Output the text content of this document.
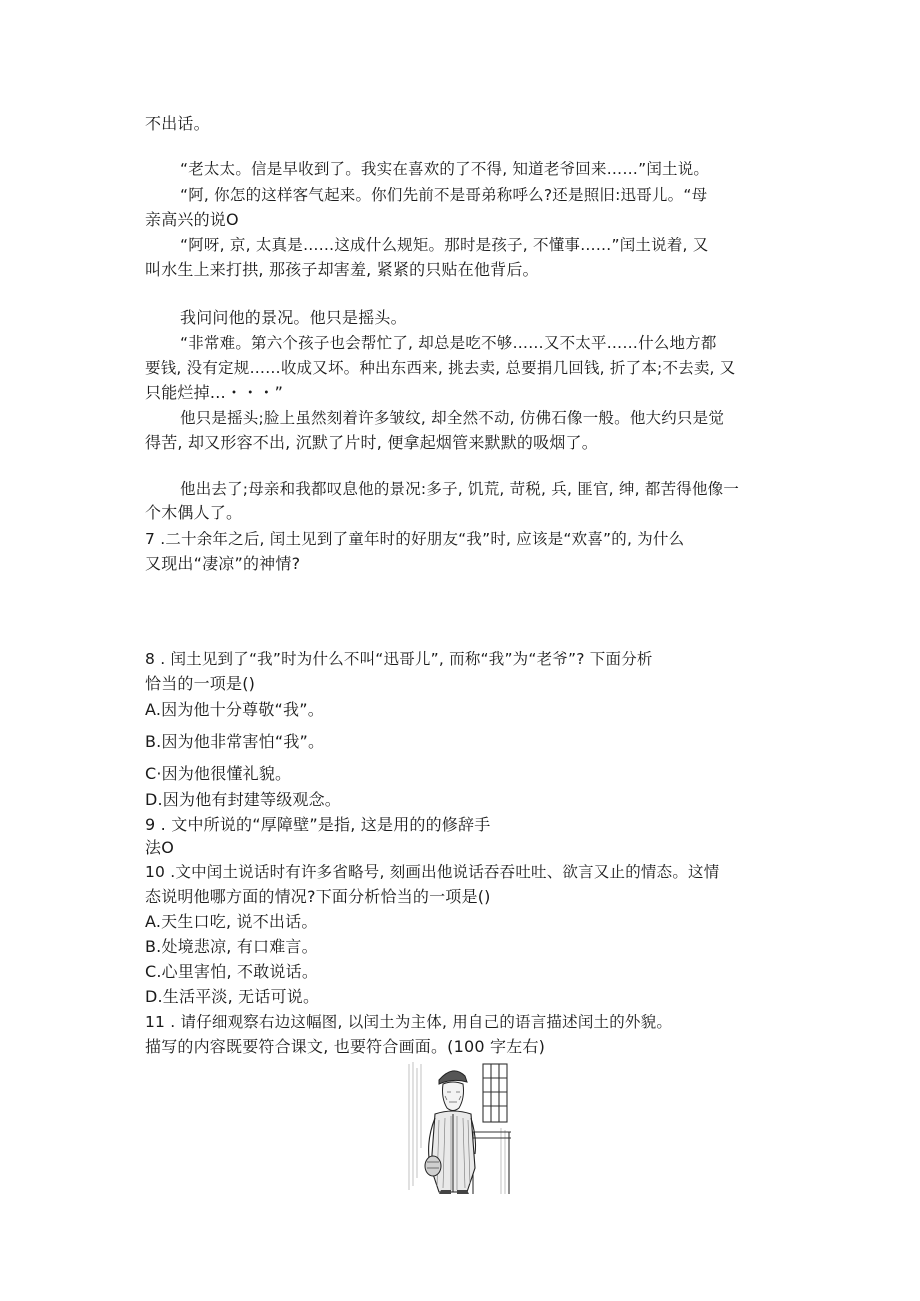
不出话。
“老太太。信是早收到了。我实在喜欢的了不得, 知道老爷回来……”闰土说。
“阿, 你怎的这样客气起来。你们先前不是哥弟称呼么?还是照旧:迅哥儿。“母
亲高兴的说O
“阿呀, 京, 太真是……这成什么规矩。那时是孩子, 不懂事……”闰土说着, 又
叫水生上来打拱, 那孩子却害羞, 紧紧的只贴在他背后。
我问问他的景况。他只是摇头。
“非常难。第六个孩子也会帮忙了, 却总是吃不够……又不太平……什么地方都
要钱, 没有定规……收成又坏。种出东西来, 挑去卖, 总要捐几回钱, 折了本;不去卖, 又
只能烂掉…・・・”
他只是摇头;脸上虽然刻着许多皱纹, 却全然不动, 仿佛石像一般。他大约只是觉
得苦, 却又形容不出, 沉默了片时, 便拿起烟管来默默的吸烟了。
他出去了;母亲和我都叹息他的景况:多子, 饥荒, 苛税, 兵, 匪官, 绅, 都苦得他像一
个木偶人了。
7 .二十余年之后, 闰土见到了童年时的好朋友“我”时, 应该是“欢喜”的, 为什么
又现出“凄凉”的神情?
8 . 闰土见到了“我”时为什么不叫“迅哥儿”, 而称“我”为“老爷”? 下面分析
恰当的一项是()
A.因为他十分尊敬“我”。
B.因为他非常害怕“我”。
C·因为他很懂礼貌。
D.因为他有封建等级观念。
9 . 文中所说的“厚障壁”是指, 这是用的的修辞手
法O
10 .文中闰土说话时有许多省略号, 刻画出他说话吞吞吐吐、欲言又止的情态。这情
态说明他哪方面的情况?下面分析恰当的一项是()
A.天生口吃, 说不出话。
B.处境悲凉, 有口难言。
C.心里害怕, 不敢说话。
D.生活平淡, 无话可说。
11 . 请仔细观察右边这幅图, 以闰土为主体, 用自己的语言描述闰土的外貌。
描写的内容既要符合课文, 也要符合画面。(100 字左右)
